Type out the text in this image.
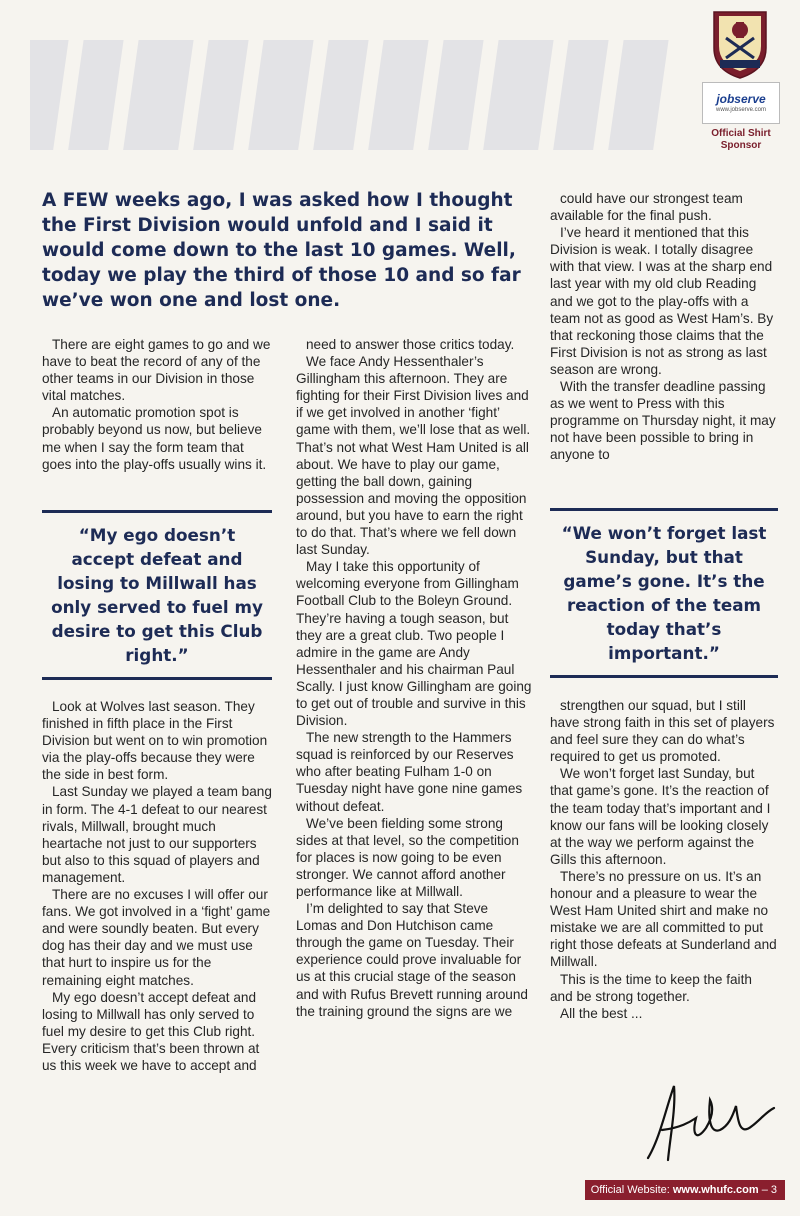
jobserve
www.jobserve.com
Official Shirt
Sponsor

A FEW weeks ago, I was asked how I thought the First Division would unfold and I said it would come down to the last 10 games. Well, today we play the third of those 10 and so far we’ve won one and lost one.

There are eight games to go and we have to beat the record of any of the other teams in our Division in those vital matches.

An automatic promotion spot is probably beyond us now, but believe me when I say the form team that goes into the play-offs usually wins it.

“My ego doesn’t accept defeat and losing to Millwall has only served to fuel my desire to get this Club right.”

Look at Wolves last season. They finished in fifth place in the First Division but went on to win promotion via the play-offs because they were the side in best form.

Last Sunday we played a team bang in form. The 4-1 defeat to our nearest rivals, Millwall, brought much heartache not just to our supporters but also to this squad of players and management.

There are no excuses I will offer our fans. We got involved in a ‘fight’ game and were soundly beaten. But every dog has their day and we must use that hurt to inspire us for the remaining eight matches.

My ego doesn’t accept defeat and losing to Millwall has only served to fuel my desire to get this Club right. Every criticism that’s been thrown at us this week we have to accept and

need to answer those critics today.

We face Andy Hessenthaler’s Gillingham this afternoon. They are fighting for their First Division lives and if we get involved in another ‘fight’ game with them, we’ll lose that as well. That’s not what West Ham United is all about. We have to play our game, getting the ball down, gaining possession and moving the opposition around, but you have to earn the right to do that. That’s where we fell down last Sunday.

May I take this opportunity of welcoming everyone from Gillingham Football Club to the Boleyn Ground. They’re having a tough season, but they are a great club. Two people I admire in the game are Andy Hessenthaler and his chairman Paul Scally. I just know Gillingham are going to get out of trouble and survive in this Division.

The new strength to the Hammers squad is reinforced by our Reserves who after beating Fulham 1-0 on Tuesday night have gone nine games without defeat.

We’ve been fielding some strong sides at that level, so the competition for places is now going to be even stronger. We cannot afford another performance like at Millwall.

I’m delighted to say that Steve Lomas and Don Hutchison came through the game on Tuesday. Their experience could prove invaluable for us at this crucial stage of the season and with Rufus Brevett running around the training ground the signs are we

could have our strongest team available for the final push.

I’ve heard it mentioned that this Division is weak. I totally disagree with that view. I was at the sharp end last year with my old club Reading and we got to the play-offs with a team not as good as West Ham’s. By that reckoning those claims that the First Division is not as strong as last season are wrong.

With the transfer deadline passing as we went to Press with this programme on Thursday night, it may not have been possible to bring in anyone to

“We won’t forget last Sunday, but that game’s gone. It’s the reaction of the team today that’s important.”

strengthen our squad, but I still have strong faith in this set of players and feel sure they can do what’s required to get us promoted.

We won’t forget last Sunday, but that game’s gone. It’s the reaction of the team today that’s important and I know our fans will be looking closely at the way we perform against the Gills this afternoon.

There’s no pressure on us. It’s an honour and a pleasure to wear the West Ham United shirt and make no mistake we are all committed to put right those defeats at Sunderland and Millwall.

This is the time to keep the faith and be strong together.

All the best ...

Official Website: www.whufc.com – 3
